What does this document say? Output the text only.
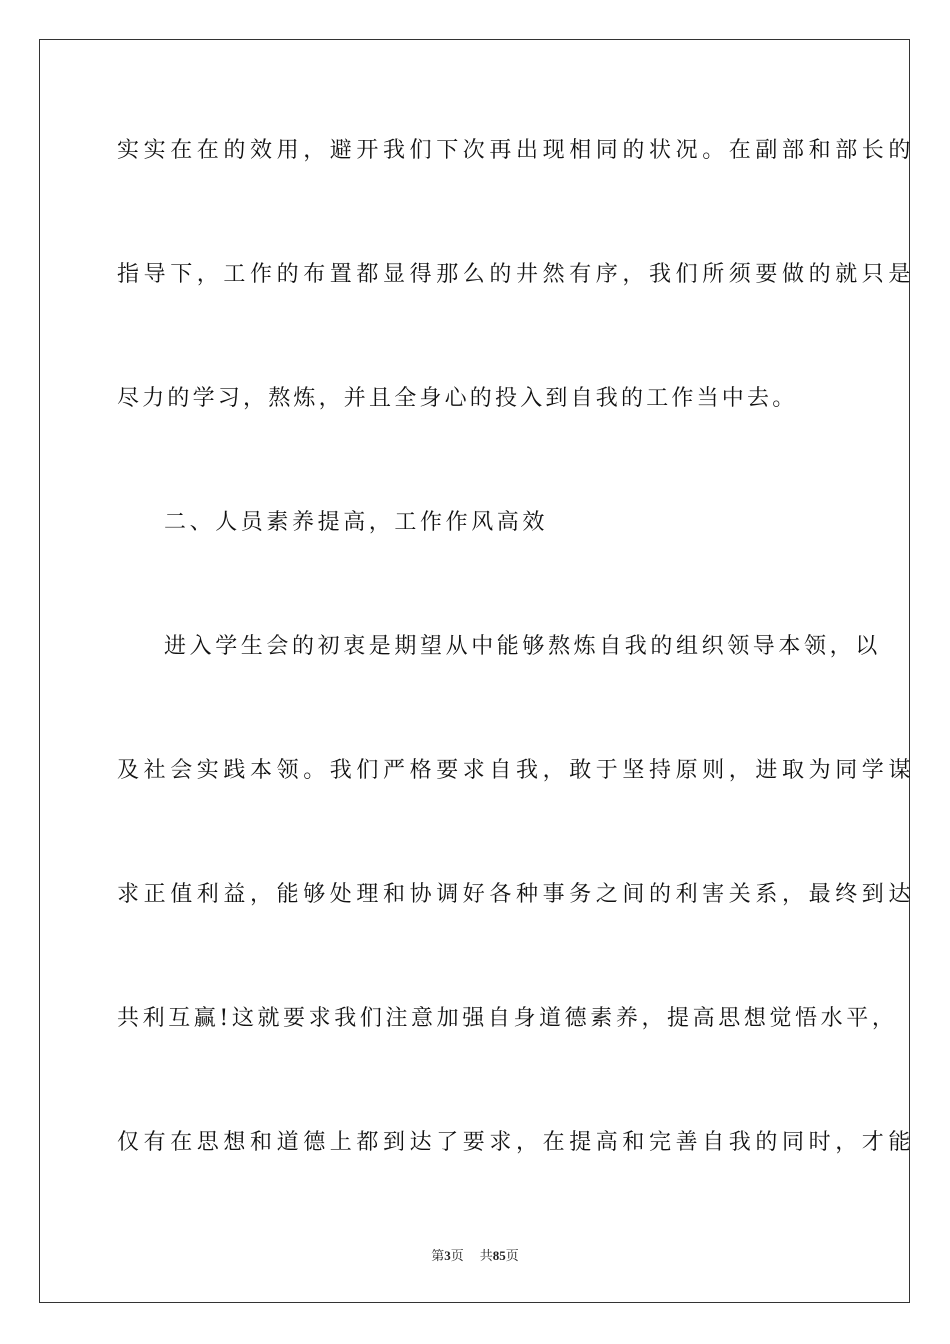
实实在在的效用，避开我们下次再出现相同的状况。在副部和部长的
指导下，工作的布置都显得那么的井然有序，我们所须要做的就只是
尽力的学习，熬炼，并且全身心的投入到自我的工作当中去。
二、人员素养提高，工作作风高效
进入学生会的初衷是期望从中能够熬炼自我的组织领导本领，以
及社会实践本领。我们严格要求自我，敢于坚持原则，进取为同学谋
求正值利益，能够处理和协调好各种事务之间的利害关系，最终到达
共利互赢!这就要求我们注意加强自身道德素养，提高思想觉悟水平，
仅有在思想和道德上都到达了要求，在提高和完善自我的同时，才能
第3页 共85页
